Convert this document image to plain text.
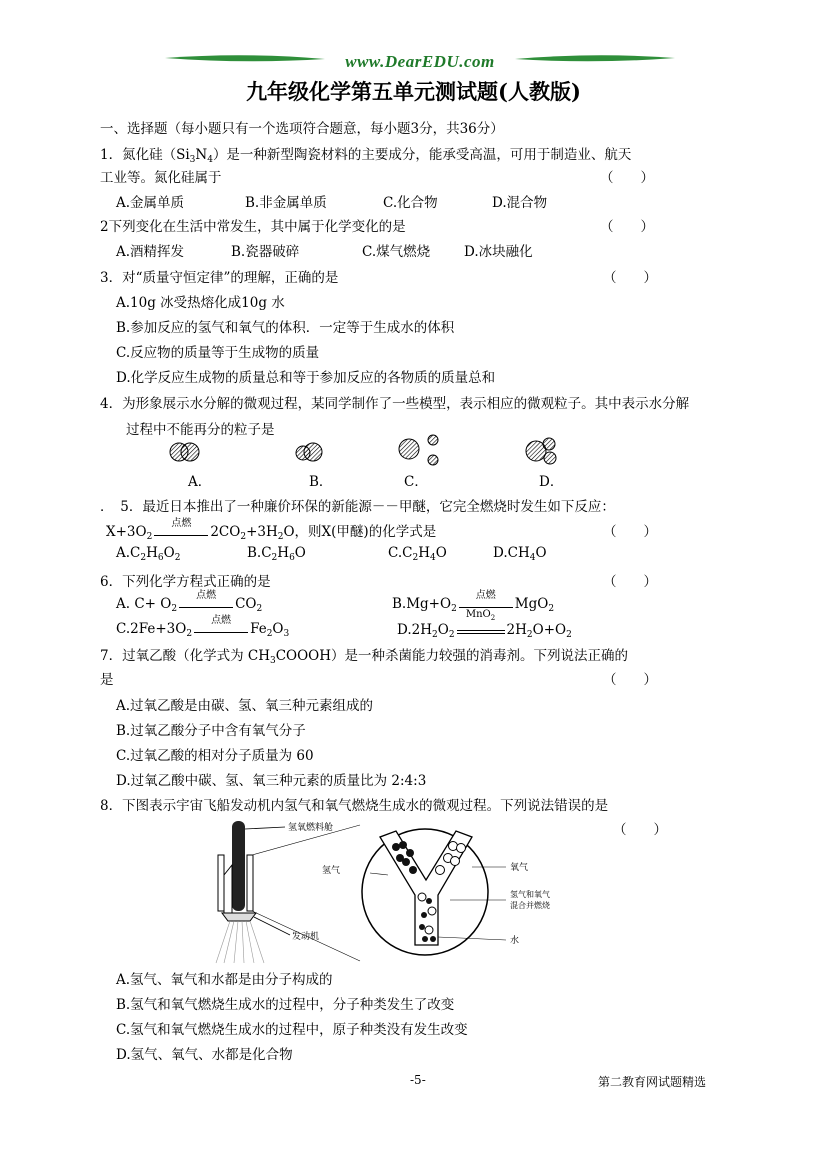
www.DearEDU.com
九年级化学第五单元测试题(人教版)
一、选择题（每小题只有一个选项符合题意，每小题3分，共36分）
1．氮化硅$(Si_3N_4)$是一种新型陶瓷材料的主要成分，能承受高温，可用于制造业、航天
工业等。氮化硅属于	（　　）
A.金属单质	B.非金属单质	C.化合物	D.混合物
2下列变化在生活中常发生，其中属于化学变化的是	（　　）
A.酒精挥发	B.瓷器破碎	C.煤气燃烧	D.冰块融化
3．对“质量守恒定律”的理解，正确的是	（　　）
A.10g 冰受热熔化成10g 水
B.参加反应的氢气和氧气的体积．一定等于生成水的体积
C.反应物的质量等于生成物的质量
D.化学反应生成物的质量总和等于参加反应的各物质的质量总和
4．为形象展示水分解的微观过程，某同学制作了一些模型，表示相应的微观粒子。其中表示水分解
过程中不能再分的粒子是
A．	B．	C．	D．
．　5．最近日本推出了一种廉价环保的新能源－－甲醚，它完全燃烧时发生如下反应：
$X+3O_2$
点燃
$2CO_2+3H_2O$，则X(甲醚)的化学式是	（　　）
$A.C_2H_6O_2$	$B.C_2H_6O$	$C.C_2H_4O$	$D.CH_4O$
6．下列化学方程式正确的是	（　　）
A. $C+ O_2$
点燃
$CO_2$	$B.Mg+O_2$
点燃
MgO$_2$
$C.2Fe+3O_2$
点燃
$Fe_2O_3$	$D.2H_2O_2$
MnO$_2$
$2H_2O+O_2$
7．过氧乙酸（化学式为 $CH_3COOOH$）是一种杀菌能力较强的消毒剂。下列说法正确的
是	（　　）
A.过氧乙酸是由碳、氢、氧三种元素组成的
B.过氧乙酸分子中含有氧气分子
C.过氧乙酸的相对分子质量为 60
D.过氧乙酸中碳、氢、氧三种元素的质量比为 2:4:3
8．下图表示宇宙飞船发动机内氢气和氧气燃烧生成水的微观过程。下列说法错误的是
（　　）
氢氧燃料舱
发动机
氢气	氧气
氢气和氧气
混合并燃烧
水
A.氢气、氧气和水都是由分子构成的
B.氢气和氧气燃烧生成水的过程中，分子种类发生了改变
C.氢气和氧气燃烧生成水的过程中，原子种类没有发生改变
D.氢气、氧气、水都是化合物
-5-	第二教育网试题精选
